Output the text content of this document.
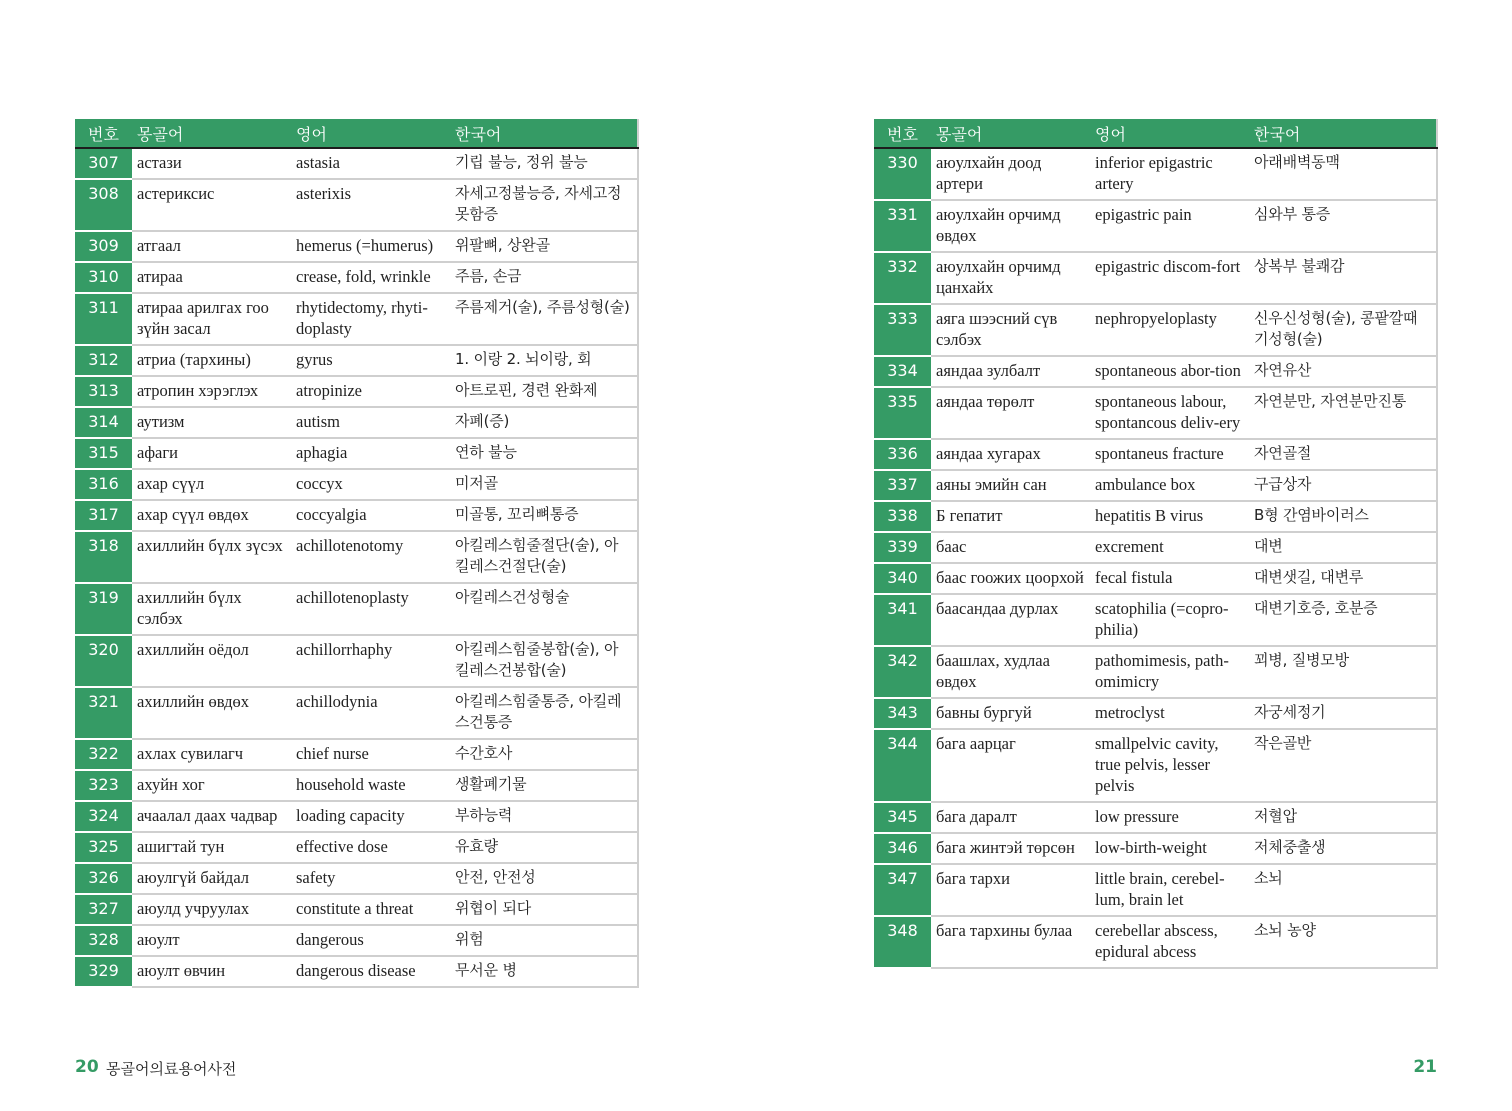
번호	몽골어	영어	한국어
307	астази	astasia	기립 불능, 정위 불능
308	астериксис	asterixis	자세고정불능증, 자세고정못함증
309	атгаал	hemerus (=humerus)	위팔뼈, 상완골
310	атираа	crease, fold, wrinkle	주름, 손금
311	атираа арилгах гоо зүйн засал	rhytidectomy, rhyti-doplasty	주름제거(술), 주름성형(술)
312	атриа (тархины)	gyrus	1. 이랑 2. 뇌이랑, 회
313	атропин хэрэглэх	atropinize	아트로핀, 경련 완화제
314	аутизм	autism	자폐(증)
315	афаги	aphagia	연하 불능
316	ахар сүүл	coccyx	미저골
317	ахар сүүл өвдөх	coccyalgia	미골통, 꼬리뼈통증
318	ахиллийн бүлх зүсэх	achillotenotomy	아킬레스힘줄절단(술), 아킬레스건절단(술)
319	ахиллийн бүлх сэлбэх	achillotenoplasty	아킬레스건성형술
320	ахиллийн оёдол	achillorrhaphy	아킬레스힘줄봉합(술), 아킬레스건봉합(술)
321	ахиллийн өвдөх	achillodynia	아킬레스힘줄통증, 아킬레스건통증
322	ахлах сувилагч	chief nurse	수간호사
323	ахуйн хог	household waste	생활폐기물
324	ачаалал даах чадвар	loading capacity	부하능력
325	ашигтай тун	effective dose	유효량
326	аюулгүй байдал	safety	안전, 안전성
327	аюулд учруулах	constitute a threat	위협이 되다
328	аюулт	dangerous	위험
329	аюулт өвчин	dangerous disease	무서운 병
번호	몽골어	영어	한국어
330	аюулхайн доод артери	inferior epigastric artery	아래배벽동맥
331	аюулхайн орчимд өвдөх	epigastric pain	심와부 통증
332	аюулхайн орчимд цанхайх	epigastric discom-fort	상복부 불쾌감
333	аяга шээсний сүв сэлбэх	nephropyeloplasty	신우신성형(술), 콩팥깔때기성형(술)
334	аяндаа зулбалт	spontaneous abor-tion	자연유산
335	аяндаа төрөлт	spontaneous labour, spontancous deliv-ery	자연분만, 자연분만진통
336	аяндаа хугарах	spontaneus fracture	자연골절
337	аяны эмийн сан	ambulance box	구급상자
338	Б гепатит	hepatitis B virus	B형 간염바이러스
339	баас	excrement	대변
340	баас гоожих цоорхой	fecal fistula	대변샛길, 대변루
341	баасандаа дурлах	scatophilia (=copro-philia)	대변기호증, 호분증
342	баашлах, худлаа өвдөх	pathomimesis, path-omimicry	꾀병, 질병모방
343	бавны бургуй	metroclyst	자궁세정기
344	бага аарцаг	smallpelvic cavity, true pelvis, lesser pelvis	작은골반
345	бага даралт	low pressure	저혈압
346	бага жинтэй төрсөн	low-birth-weight	저체중출생
347	бага тархи	little brain, cerebel-lum, brain let	소뇌
348	бага тархины булаа	cerebellar abscess, epidural abcess	소뇌 농양
20 몽골어의료용어사전	21
